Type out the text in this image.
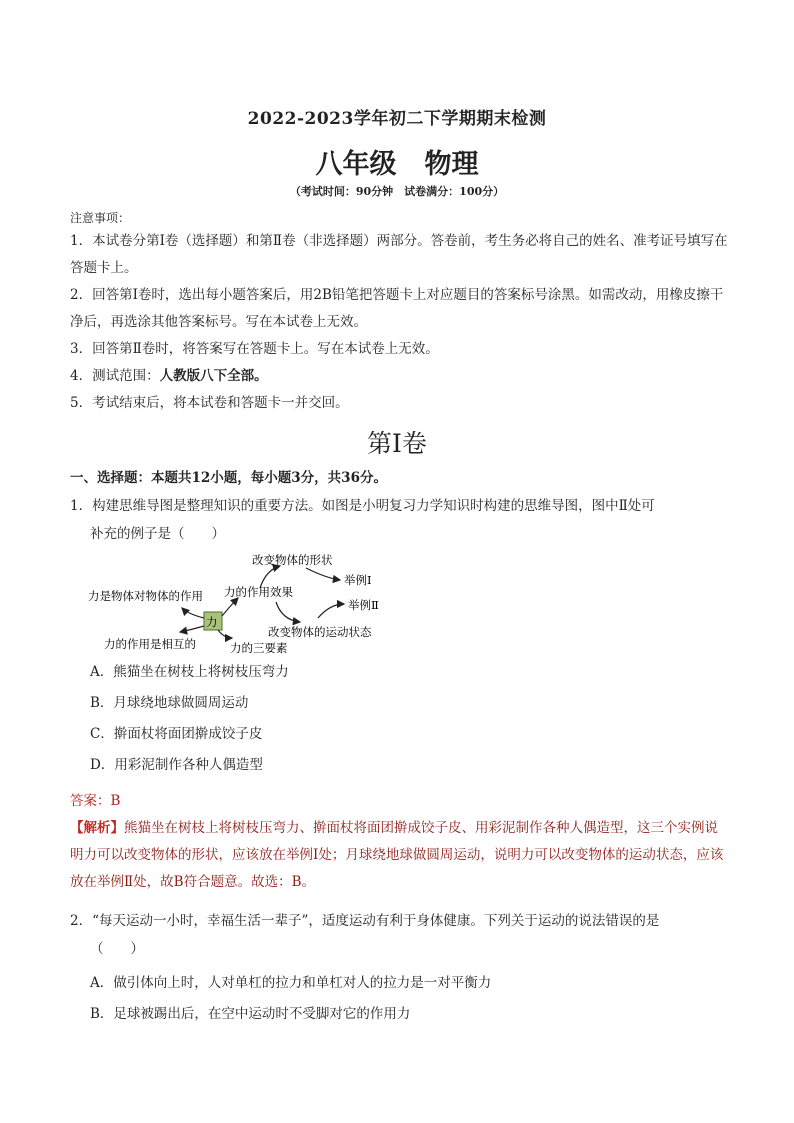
2022-2023学年初二下学期期末检测
八年级 物理
（考试时间：90分钟　试卷满分：100分）

注意事项：

1．本试卷分第Ⅰ卷（选择题）和第Ⅱ卷（非选择题）两部分。答卷前，考生务必将自己的姓名、准考证号填写在答题卡上。

2．回答第Ⅰ卷时，选出每小题答案后，用2B铅笔把答题卡上对应题目的答案标号涂黑。如需改动，用橡皮擦干净后，再选涂其他答案标号。写在本试卷上无效。

3．回答第Ⅱ卷时，将答案写在答题卡上。写在本试卷上无效。

4．测试范围：人教版八下全部。

5．考试结束后，将本试卷和答题卡一并交回。

第Ⅰ卷
一、选择题：本题共12小题，每小题3分，共36分。

1．构建思维导图是整理知识的重要方法。如图是小明复习力学知识时构建的思维导图，图中Ⅱ处可

补充的例子是（　　）

力
力是物体对物体的作用
力的作用是相互的	力的三要素
力的作用效果
改变物体的形状
改变物体的运动状态
举例Ⅰ
举例Ⅱ

A．熊猫坐在树枝上将树枝压弯力

B．月球绕地球做圆周运动

C．擀面杖将面团擀成饺子皮

D．用彩泥制作各种人偶造型

答案：B
【解析】熊猫坐在树枝上将树枝压弯力、擀面杖将面团擀成饺子皮、用彩泥制作各种人偶造型，这三个实例说明力可以改变物体的形状，应该放在举例Ⅰ处；月球绕地球做圆周运动，说明力可以改变物体的运动状态，应该放在举例Ⅱ处，故B符合题意。故选：B。

2．“每天运动一小时，幸福生活一辈子”，适度运动有利于身体健康。下列关于运动的说法错误的是

（　　）

A．做引体向上时，人对单杠的拉力和单杠对人的拉力是一对平衡力

B．足球被踢出后，在空中运动时不受脚对它的作用力
